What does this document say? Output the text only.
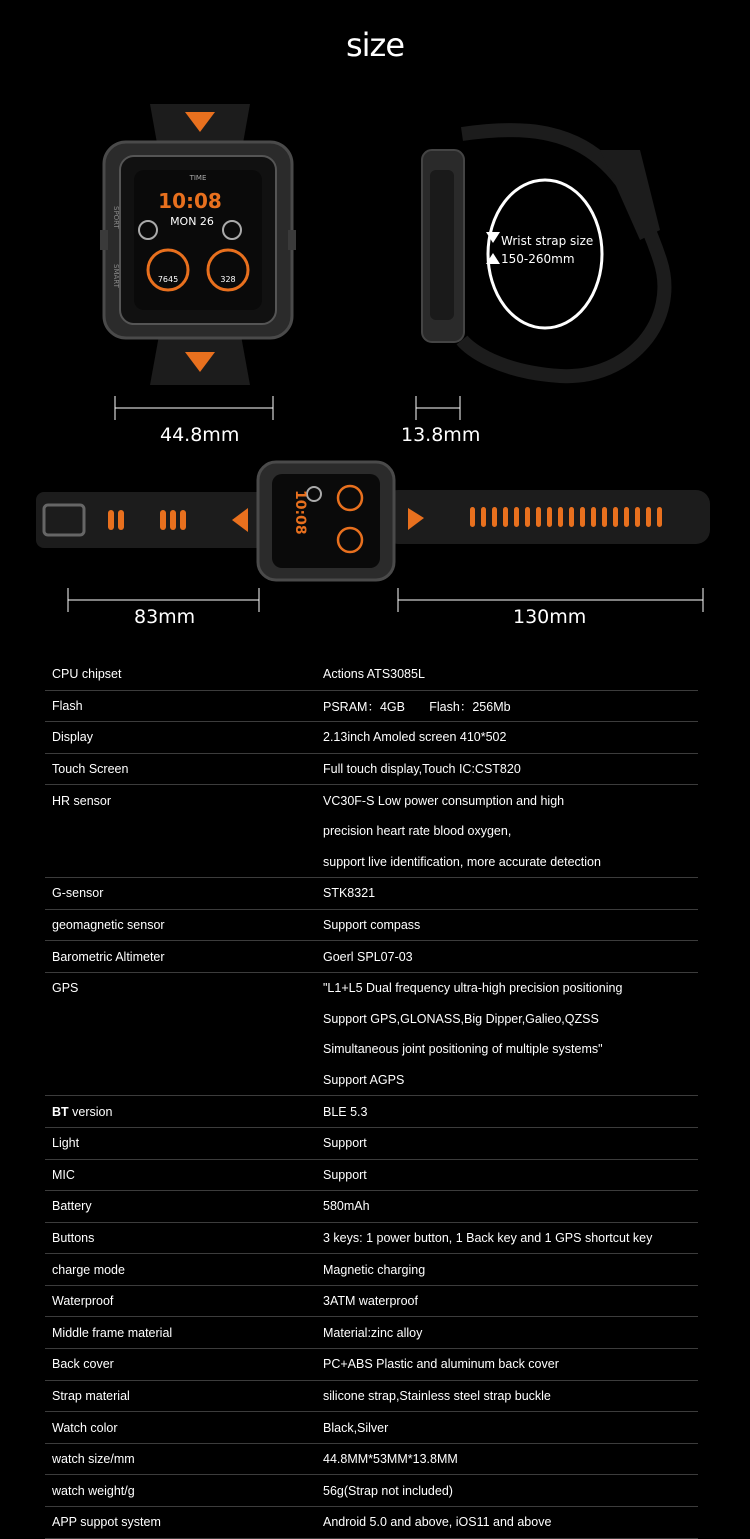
size
10:08
MON 26
TIME
7645	328
SPORT
SMART
Wrist strap size
150-260mm
10:08
44.8mm	13.8mm
83mm	130mm
CPU chipset	Actions ATS3085L
Flash	PSRAM：4GB       Flash：256Mb
Display	2.13inch Amoled screen 410*502
Touch Screen	Full touch display,Touch IC:CST820
HR sensor	VC30F-S Low power consumption and high
	precision heart rate blood oxygen,
	support live identification, more accurate detection
G-sensor	STK8321
geomagnetic sensor	Support compass
Barometric Altimeter	Goerl SPL07-03
GPS	"L1+L5 Dual frequency ultra-high precision positioning
	Support GPS,GLONASS,Big Dipper,Galieo,QZSS
	Simultaneous joint positioning of multiple systems"
	Support AGPS
BT version	BLE 5.3
Light	Support
MIC	Support
Battery	580mAh
Buttons	3 keys: 1 power button, 1 Back key and 1 GPS shortcut key
charge mode	Magnetic charging
Waterproof	3ATM waterproof
Middle frame material	Material:zinc alloy
Back cover	PC+ABS Plastic and aluminum back cover
Strap material	silicone strap,Stainless steel strap buckle
Watch color	Black,Silver
watch size/mm	44.8MM*53MM*13.8MM
watch weight/g	56g(Strap not included)
APP suppot system	Android 5.0 and above, iOS11 and above
